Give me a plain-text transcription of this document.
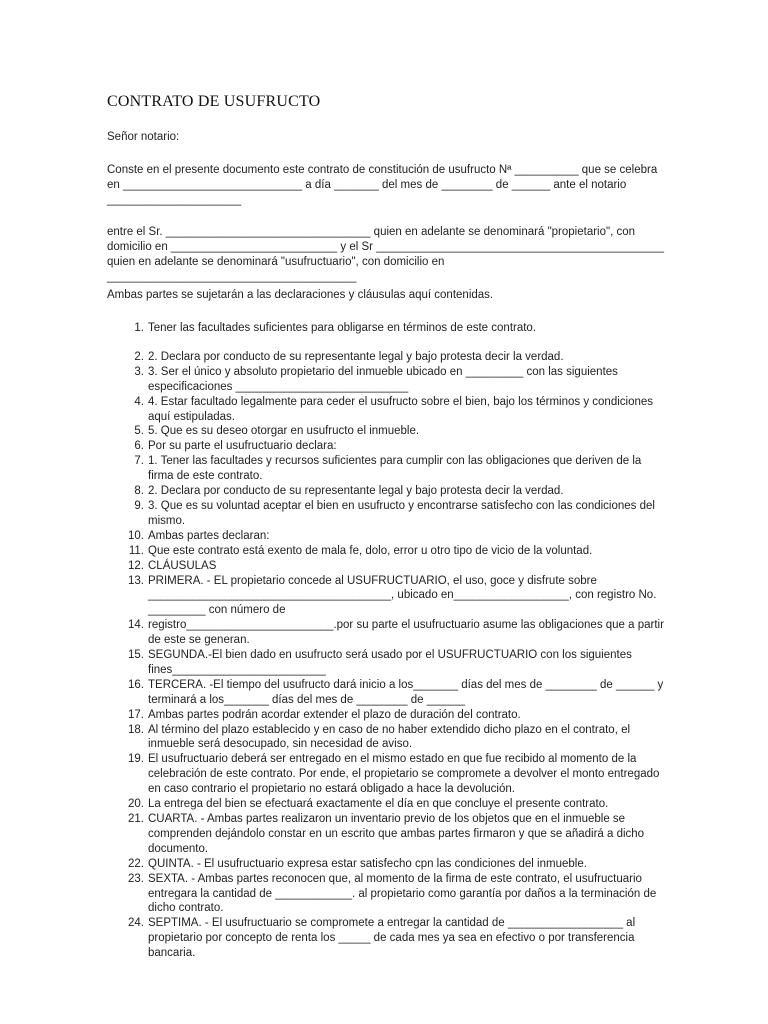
CONTRATO DE USUFRUCTO

Señor notario:

Conste en el presente documento este contrato de constitución de usufructo Nª __________ que se celebra en ____________________________ a día _______ del mes de ________ de ______ ante el notario _____________________

entre el Sr. ________________________________ quien en adelante se denominará "propietario", con domicilio en __________________________ y el Sr _____________________________________________ quien en adelante se denominará "usufructuario", con domicilio en _______________________________________

Ambas partes se sujetarán a las declaraciones y cláusulas aquí contenidas.

1. Tener las facultades suficientes para obligarse en términos de este contrato.
2. 2. Declara por conducto de su representante legal y bajo protesta decir la verdad.
3. 3. Ser el único y absoluto propietario del inmueble ubicado en _________ con las siguientes especificaciones ___________________________
4. 4. Estar facultado legalmente para ceder el usufructo sobre el bien, bajo los términos y condiciones aquí estipuladas.
5. 5. Que es su deseo otorgar en usufructo el inmueble.
6. Por su parte el usufructuario declara:
7. 1. Tener las facultades y recursos suficientes para cumplir con las obligaciones que deriven de la firma de este contrato.
8. 2. Declara por conducto de su representante legal y bajo protesta decir la verdad.
9. 3. Que es su voluntad aceptar el bien en usufructo y encontrarse satisfecho con las condiciones del mismo.
10. Ambas partes declaran:
11. Que este contrato está exento de mala fe, dolo, error u otro tipo de vicio de la voluntad.
12. CLÁUSULAS
13. PRIMERA. - EL propietario concede al USUFRUCTUARIO, el uso, goce y disfrute sobre ______________________________________, ubicado en__________________, con registro No. _________ con número de
14. registro_______________________.por su parte el usufructuario asume las obligaciones que a partir de este se generan.
15. SEGUNDA.-El bien dado en usufructo será usado por el USUFRUCTUARIO con los siguientes fines________________________
16. TERCERA. -El tiempo del usufructo dará inicio a los_______ días del mes de ________ de ______ y terminará a los_______ días del mes de ________ de ______
17. Ambas partes podrán acordar extender el plazo de duración del contrato.
18. Al término del plazo establecido y en caso de no haber extendido dicho plazo en el contrato, el inmueble será desocupado, sin necesidad de aviso.
19. El usufructuario deberá ser entregado en el mismo estado en que fue recibido al momento de la celebración de este contrato. Por ende, el propietario se compromete a devolver el monto entregado en caso contrario el propietario no estará obligado a hace la devolución.
20. La entrega del bien se efectuará exactamente el día en que concluye el presente contrato.
21. CUARTA. - Ambas partes realizaron un inventario previo de los objetos que en el inmueble se comprenden dejándolo constar en un escrito que ambas partes firmaron y que se añadirá a dicho documento.
22. QUINTA. - El usufructuario expresa estar satisfecho cpn las condiciones del inmueble.
23. SEXTA. - Ambas partes reconocen que, al momento de la firma de este contrato, el usufructuario entregara la cantidad de ____________. al propietario como garantía por daños a la terminación de dicho contrato.
24. SEPTIMA. - El usufructuario se compromete a entregar la cantidad de __________________ al propietario por concepto de renta los _____ de cada mes ya sea en efectivo o por transferencia bancaria.
